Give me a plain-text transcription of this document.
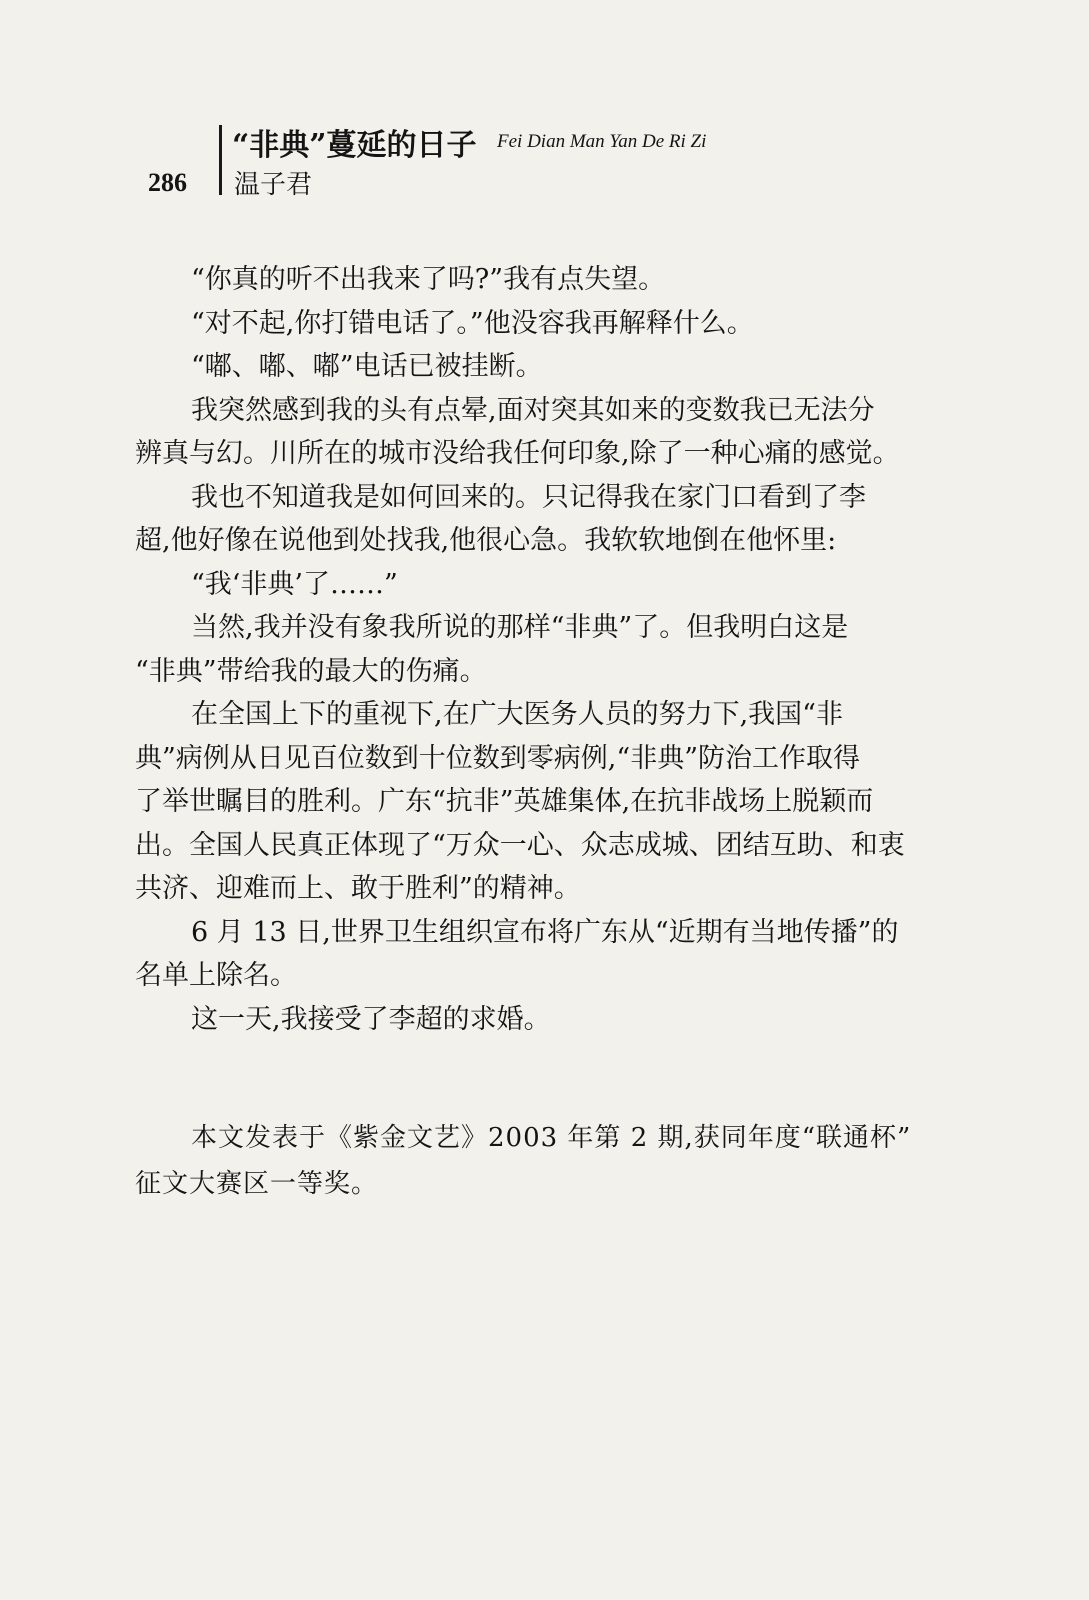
286
“非典”蔓延的日子 Fei Dian Man Yan De Ri Zi
温子君
“你真的听不出我来了吗?”我有点失望。
“对不起,你打错电话了。”他没容我再解释什么。
“嘟、嘟、嘟”电话已被挂断。
我突然感到我的头有点晕,面对突其如来的变数我已无法分
辨真与幻。川所在的城市没给我任何印象,除了一种心痛的感觉。
我也不知道我是如何回来的。只记得我在家门口看到了李
超,他好像在说他到处找我,他很心急。我软软地倒在他怀里:
“我‘非典’了……”
当然,我并没有象我所说的那样“非典”了。但我明白这是
“非典”带给我的最大的伤痛。
在全国上下的重视下,在广大医务人员的努力下,我国“非
典”病例从日见百位数到十位数到零病例,“非典”防治工作取得
了举世瞩目的胜利。广东“抗非”英雄集体,在抗非战场上脱颖而
出。全国人民真正体现了“万众一心、众志成城、团结互助、和衷
共济、迎难而上、敢于胜利”的精神。
6 月 13 日,世界卫生组织宣布将广东从“近期有当地传播”的
名单上除名。
这一天,我接受了李超的求婚。
本文发表于《紫金文艺》2003 年第 2 期,获同年度“联通杯”
征文大赛区一等奖。
